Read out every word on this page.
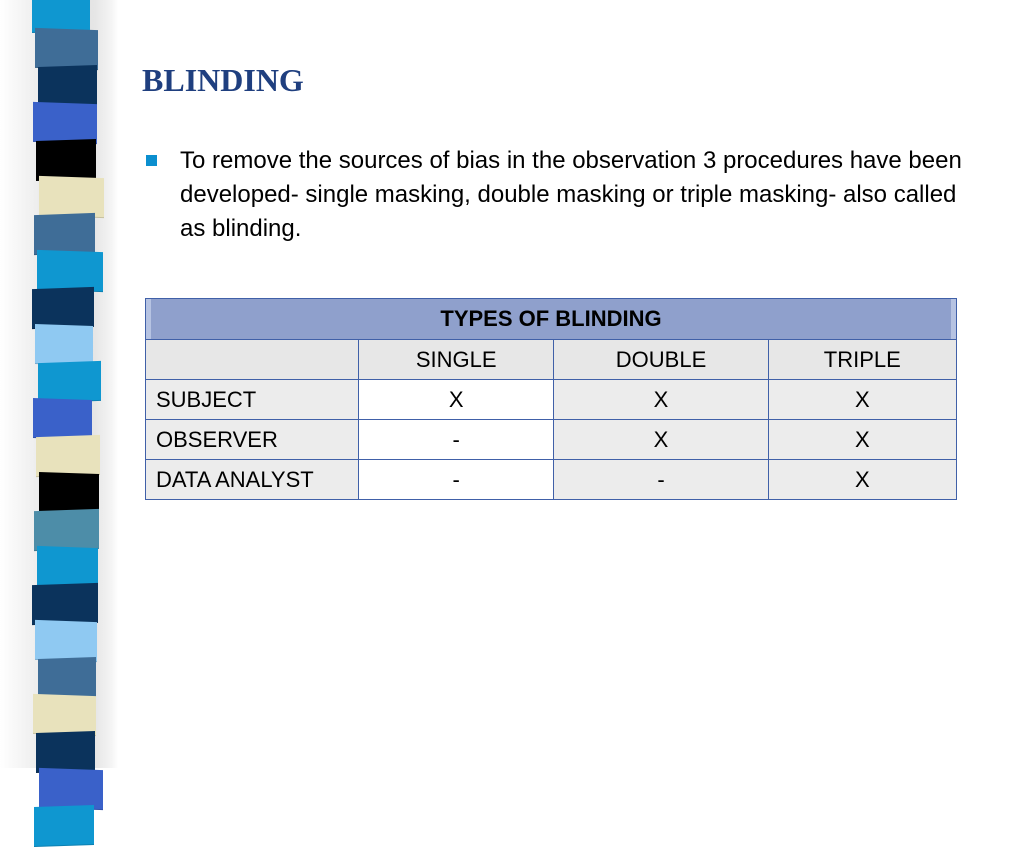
BLINDING

To remove the sources of bias in the observation 3 procedures have been developed- single masking, double masking or triple masking- also called as blinding.

TYPES OF BLINDING			
	SINGLE	DOUBLE	TRIPLE
SUBJECT	X	X	X
OBSERVER	-	X	X
DATA ANALYST	-	-	X
